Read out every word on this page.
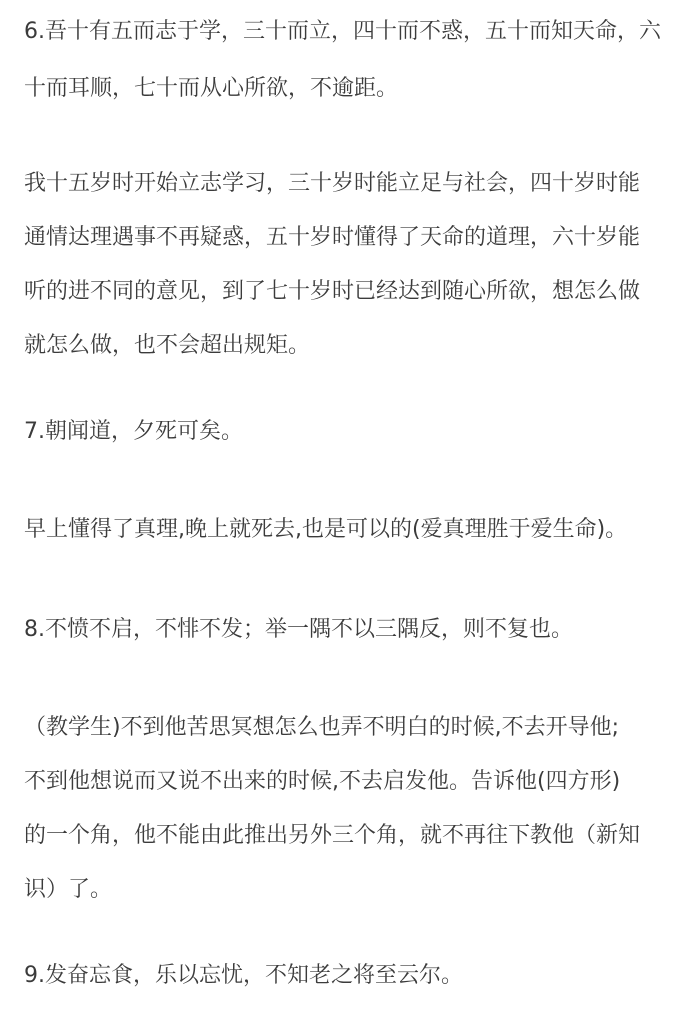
6.吾十有五而志于学，三十而立，四十而不惑，五十而知天命，六
十而耳顺，七十而从心所欲，不逾距。
我十五岁时开始立志学习，三十岁时能立足与社会，四十岁时能
通情达理遇事不再疑惑，五十岁时懂得了天命的道理，六十岁能
听的进不同的意见，到了七十岁时已经达到随心所欲，想怎么做
就怎么做，也不会超出规矩。
7.朝闻道，夕死可矣。
早上懂得了真理,晚上就死去,也是可以的(爱真理胜于爱生命)。
8.不愤不启，不悱不发；举一隅不以三隅反，则不复也。
（教学生)不到他苦思冥想怎么也弄不明白的时候,不去开导他;
不到他想说而又说不出来的时候,不去启发他。告诉他(四方形)
的一个角，他不能由此推出另外三个角，就不再往下教他（新知
识）了。
9.发奋忘食，乐以忘忧，不知老之将至云尔。
